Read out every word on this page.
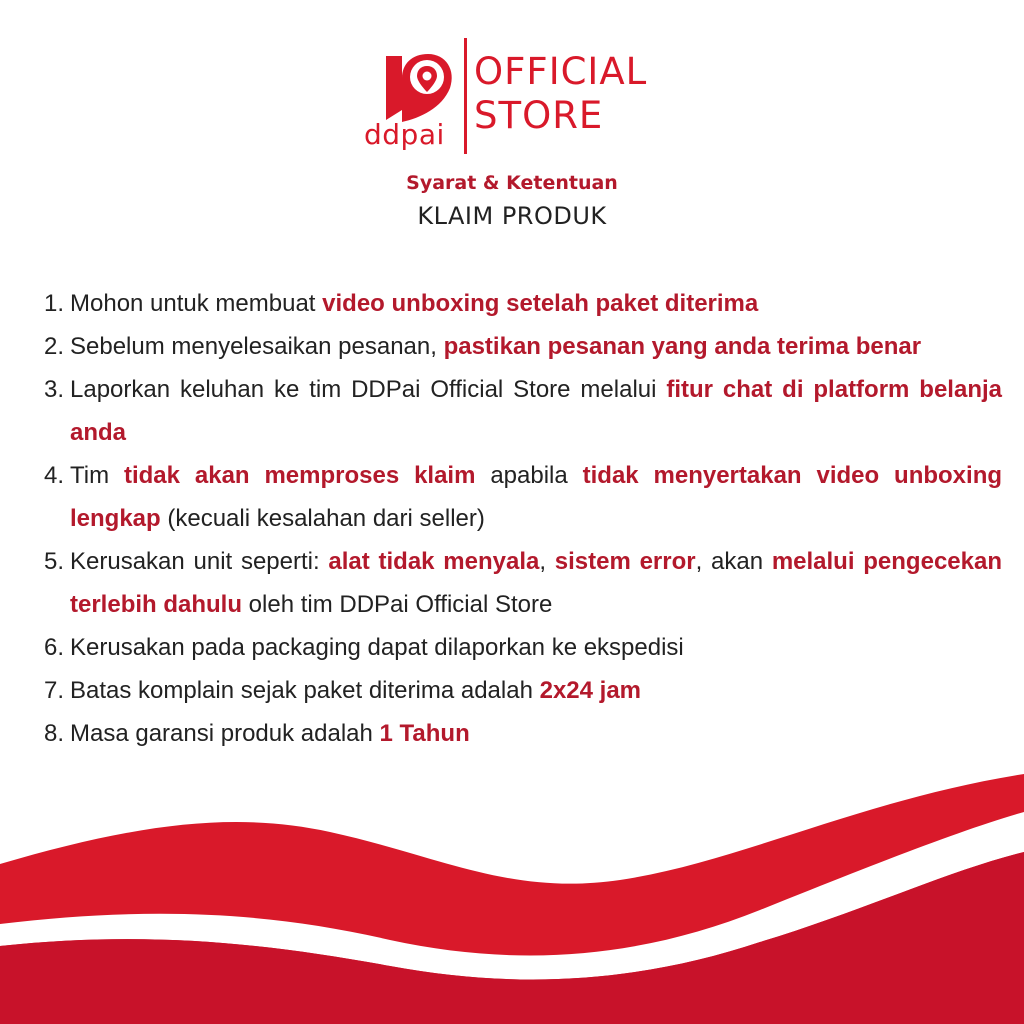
ddpai
OFFICIAL
STORE
Syarat & Ketentuan
KLAIM PRODUK
1. Mohon untuk membuat video unboxing setelah paket diterima
2. Sebelum menyelesaikan pesanan, pastikan pesanan yang anda terima benar
3. Laporkan keluhan ke tim DDPai Official Store melalui fitur chat di platform belanja anda
4. Tim tidak akan memproses klaim apabila tidak menyertakan video unboxing lengkap (kecuali kesalahan dari seller)
5. Kerusakan unit seperti: alat tidak menyala, sistem error, akan melalui pengecekan terlebih dahulu oleh tim DDPai Official Store
6. Kerusakan pada packaging dapat dilaporkan ke ekspedisi
7. Batas komplain sejak paket diterima adalah 2x24 jam
8. Masa garansi produk adalah 1 Tahun
